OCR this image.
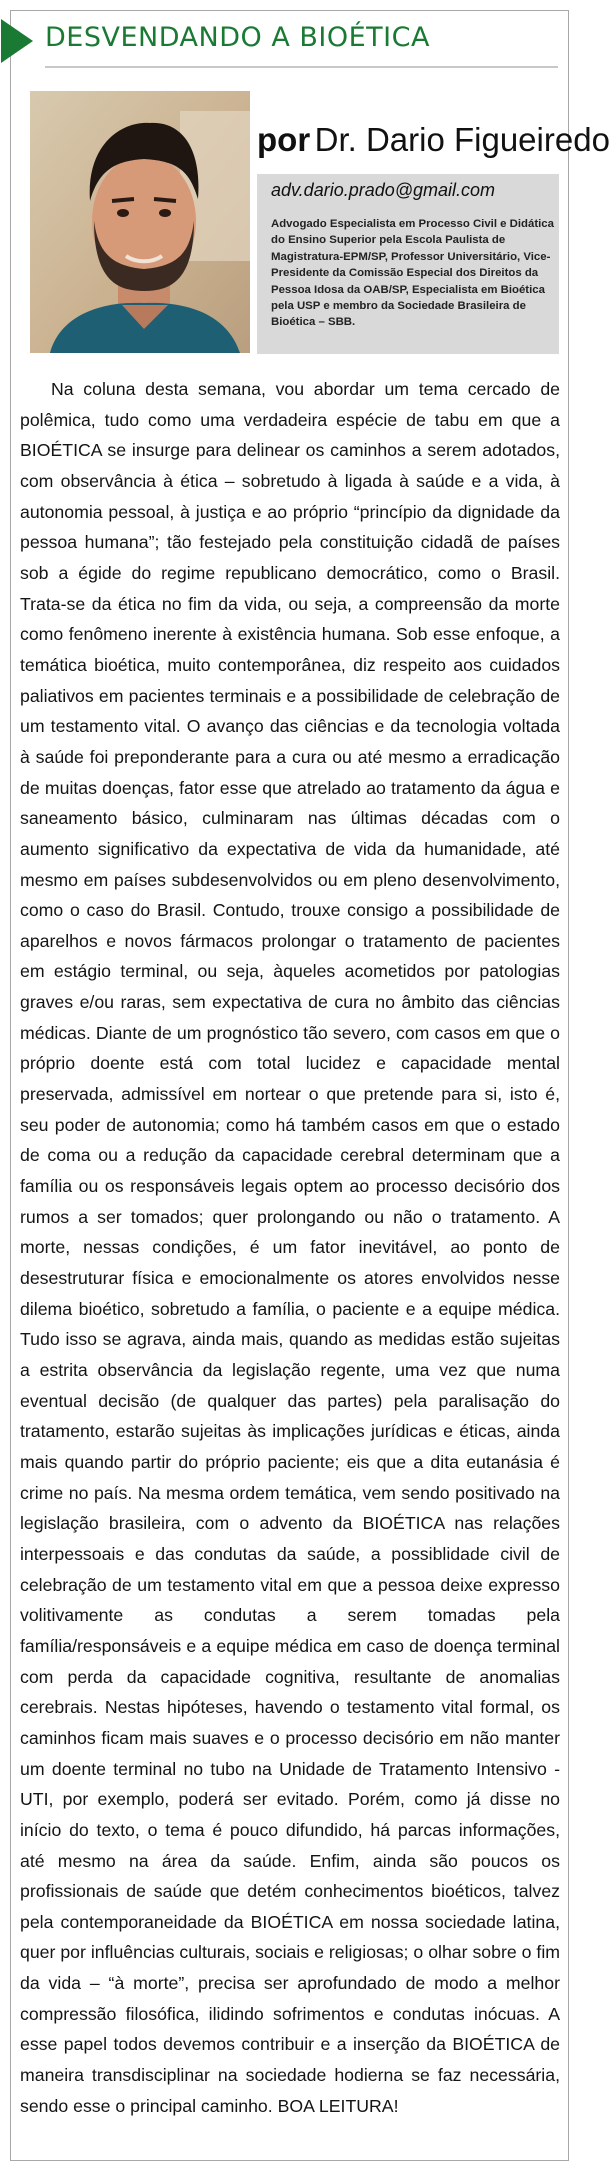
DESVENDANDO A BIOÉTICA
por Dr. Dario Figueiredo
adv.dario.prado@gmail.com
Advogado Especialista em Processo Civil e Didática do Ensino Superior pela Escola Paulista de Magistratura-EPM/SP, Professor Universitário, Vice-Presidente da Comissão Especial dos Direitos da Pessoa Idosa da OAB/SP, Especialista em Bioética pela USP e membro da Sociedade Brasileira de Bioética – SBB.

Na coluna desta semana, vou abordar um tema cercado de polêmica, tudo como uma verdadeira espécie de tabu em que a BIOÉTICA se insurge para delinear os caminhos a serem adotados, com observância à ética – sobretudo à ligada à saúde e a vida, à autonomia pessoal, à justiça e ao próprio “princípio da dignidade da pessoa humana”; tão festejado pela constituição cidadã de países sob a égide do regime republicano democrático, como o Brasil. Trata-se da ética no fim da vida, ou seja, a compreensão da morte como fenômeno inerente à existência humana. Sob esse enfoque, a temática bioética, muito contemporânea, diz respeito aos cuidados paliativos em pacientes terminais e a possibilidade de celebração de um testamento vital. O avanço das ciências e da tecnologia voltada à saúde foi preponderante para a cura ou até mesmo a erradicação de muitas doenças, fator esse que atrelado ao tratamento da água e saneamento básico, culminaram nas últimas décadas com o aumento significativo da expectativa de vida da humanidade, até mesmo em países subdesenvolvidos ou em pleno desenvolvimento, como o caso do Brasil. Contudo, trouxe consigo a possibilidade de aparelhos e novos fármacos prolongar o tratamento de pacientes em estágio terminal, ou seja, àqueles acometidos por patologias graves e/ou raras, sem expectativa de cura no âmbito das ciências médicas. Diante de um prognóstico tão severo, com casos em que o próprio doente está com total lucidez e capacidade mental preservada, admissível em nortear o que pretende para si, isto é, seu poder de autonomia; como há também casos em que o estado de coma ou a redução da capacidade cerebral determinam que a família ou os responsáveis legais optem ao processo decisório dos rumos a ser tomados; quer prolongando ou não o tratamento. A morte, nessas condições, é um fator inevitável, ao ponto de desestruturar física e emocionalmente os atores envolvidos nesse dilema bioético, sobretudo a família, o paciente e a equipe médica. Tudo isso se agrava, ainda mais, quando as medidas estão sujeitas a estrita observância da legislação regente, uma vez que numa eventual decisão (de qualquer das partes) pela paralisação do tratamento, estarão sujeitas às implicações jurídicas e éticas, ainda mais quando partir do próprio paciente; eis que a dita eutanásia é crime no país. Na mesma ordem temática, vem sendo positivado na legislação brasileira, com o advento da BIOÉTICA nas relações interpessoais e das condutas da saúde, a possiblidade civil de celebração de um testamento vital em que a pessoa deixe expresso volitivamente as condutas a serem tomadas pela família/responsáveis e a equipe médica em caso de doença terminal com perda da capacidade cognitiva, resultante de anomalias cerebrais. Nestas hipóteses, havendo o testamento vital formal, os caminhos ficam mais suaves e o processo decisório em não manter um doente terminal no tubo na Unidade de Tratamento Intensivo - UTI, por exemplo, poderá ser evitado. Porém, como já disse no início do texto, o tema é pouco difundido, há parcas informações, até mesmo na área da saúde. Enfim, ainda são poucos os profissionais de saúde que detém conhecimentos bioéticos, talvez pela contemporaneidade da BIOÉTICA em nossa sociedade latina, quer por influências culturais, sociais e religiosas; o olhar sobre o fim da vida – “à morte”, precisa ser aprofundado de modo a melhor compressão filosófica, ilidindo sofrimentos e condutas inócuas. A esse papel todos devemos contribuir e a inserção da BIOÉTICA de maneira transdisciplinar na sociedade hodierna se faz necessária, sendo esse o principal caminho. BOA LEITURA!
